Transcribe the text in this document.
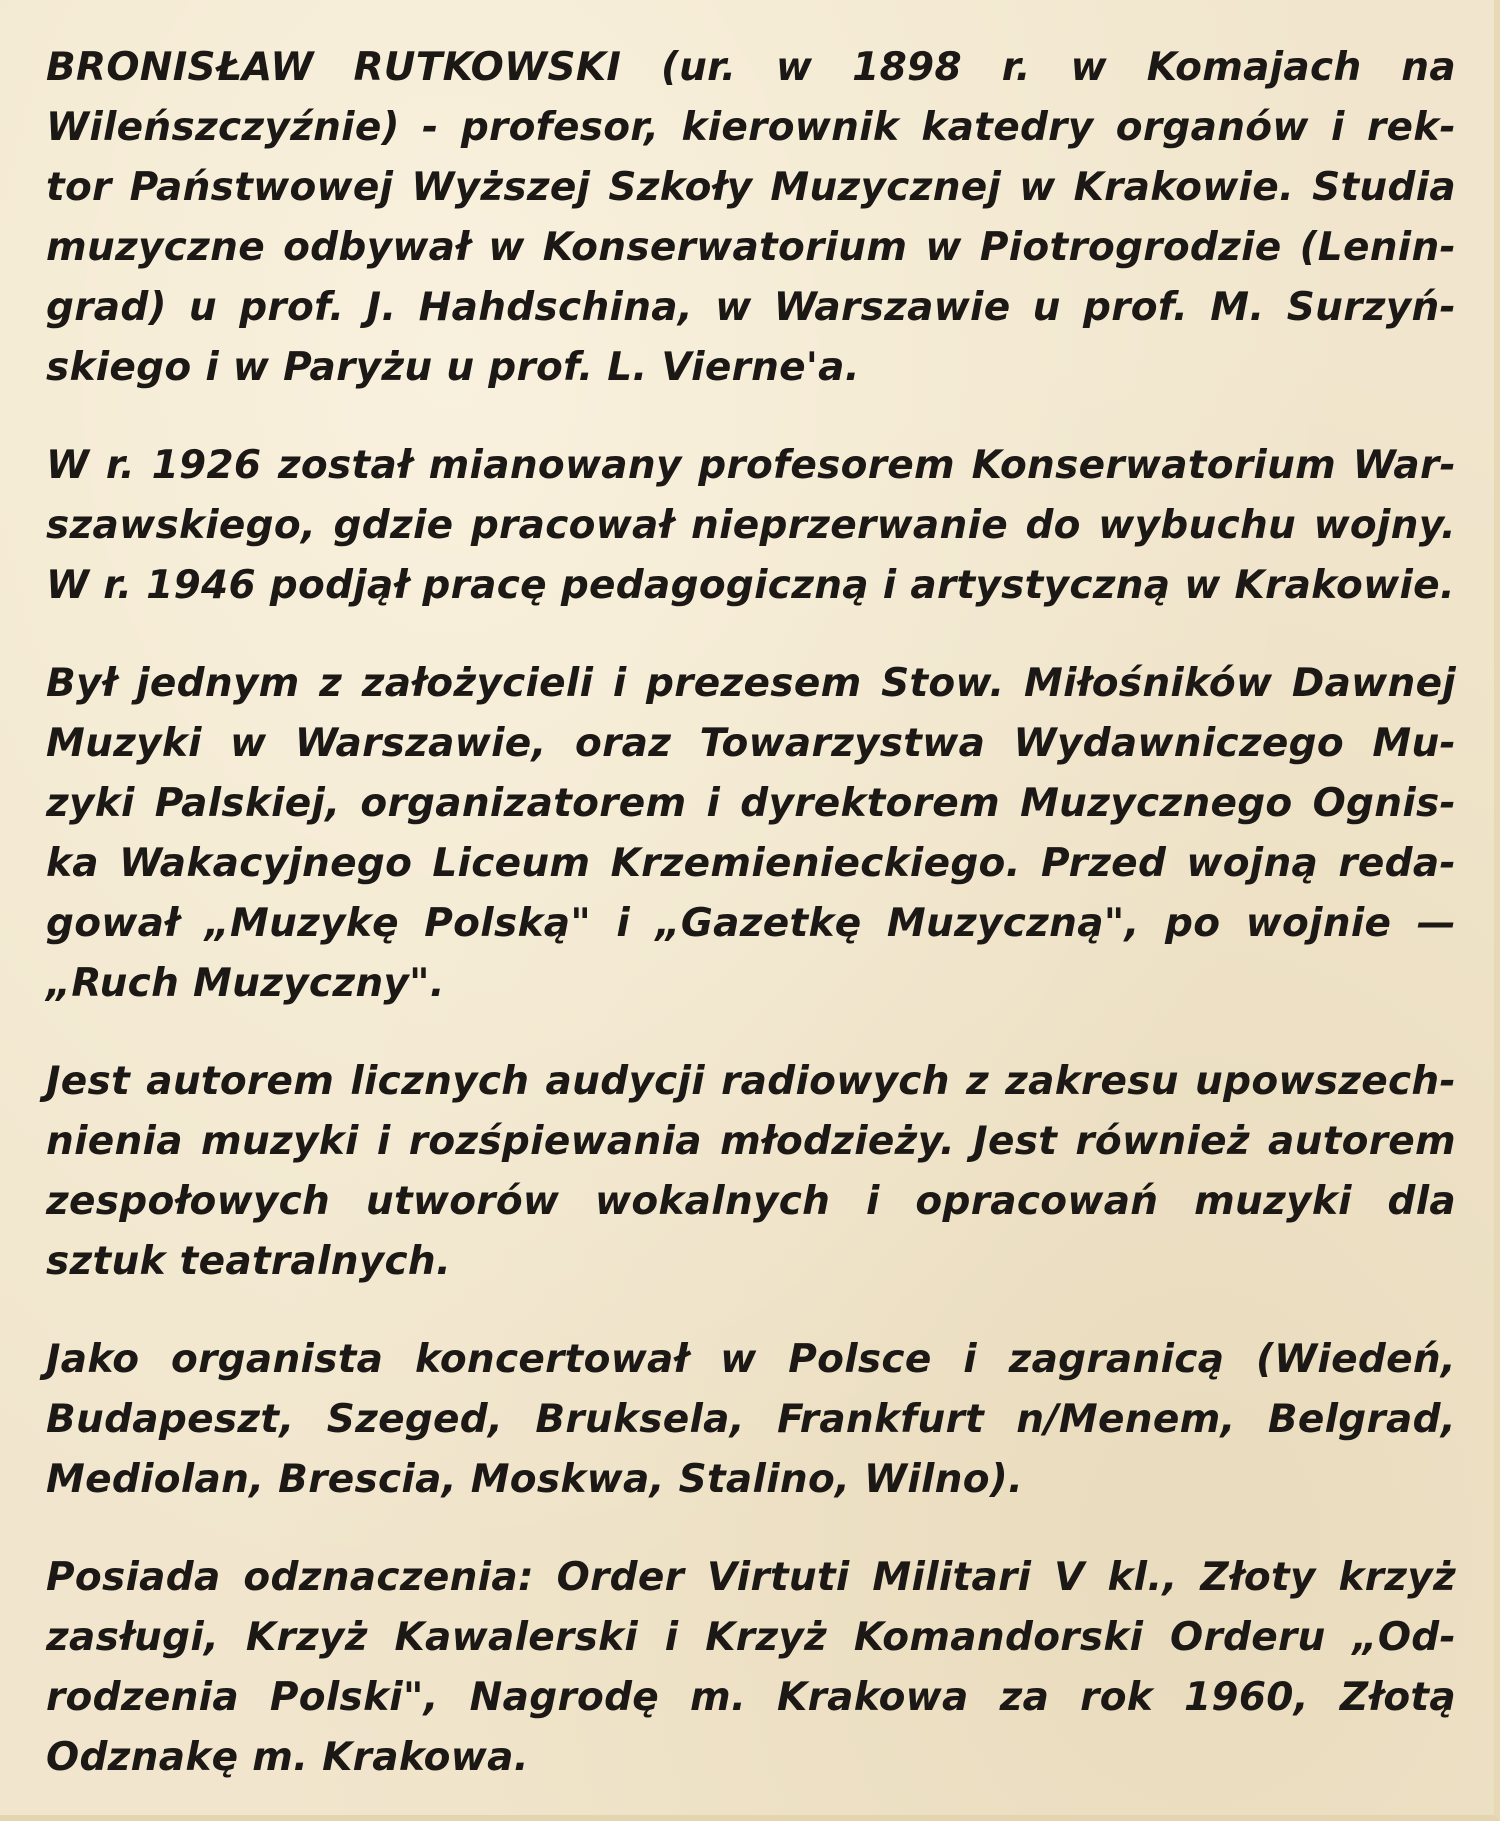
BRONISŁAW RUTKOWSKI (ur. w 1898 r. w Komajach na
Wileńszczyźnie) - profesor, kierownik katedry organów i rek-
tor Państwowej Wyższej Szkoły Muzycznej w Krakowie. Studia
muzyczne odbywał w Konserwatorium w Piotrogrodzie (Lenin-
grad) u prof. J. Hahdschina, w Warszawie u prof. M. Surzyń-
skiego i w Paryżu u prof. L. Vierne'a.
W r. 1926 został mianowany profesorem Konserwatorium War-
szawskiego, gdzie pracował nieprzerwanie do wybuchu wojny.
W r. 1946 podjął pracę pedagogiczną i artystyczną w Krakowie.
Był jednym z założycieli i prezesem Stow. Miłośników Dawnej
Muzyki w Warszawie, oraz Towarzystwa Wydawniczego Mu-
zyki Palskiej, organizatorem i dyrektorem Muzycznego Ognis-
ka Wakacyjnego Liceum Krzemienieckiego. Przed wojną reda-
gował „Muzykę Polską" i „Gazetkę Muzyczną", po wojnie —
„Ruch Muzyczny".
Jest autorem licznych audycji radiowych z zakresu upowszech-
nienia muzyki i rozśpiewania młodzieży. Jest również autorem
zespołowych utworów wokalnych i opracowań muzyki dla
sztuk teatralnych.
Jako organista koncertował w Polsce i zagranicą (Wiedeń,
Budapeszt, Szeged, Bruksela, Frankfurt n/Menem, Belgrad,
Mediolan, Brescia, Moskwa, Stalino, Wilno).
Posiada odznaczenia: Order Virtuti Militari V kl., Złoty krzyż
zasługi, Krzyż Kawalerski i Krzyż Komandorski Orderu „Od-
rodzenia Polski", Nagrodę m. Krakowa za rok 1960, Złotą
Odznakę m. Krakowa.
